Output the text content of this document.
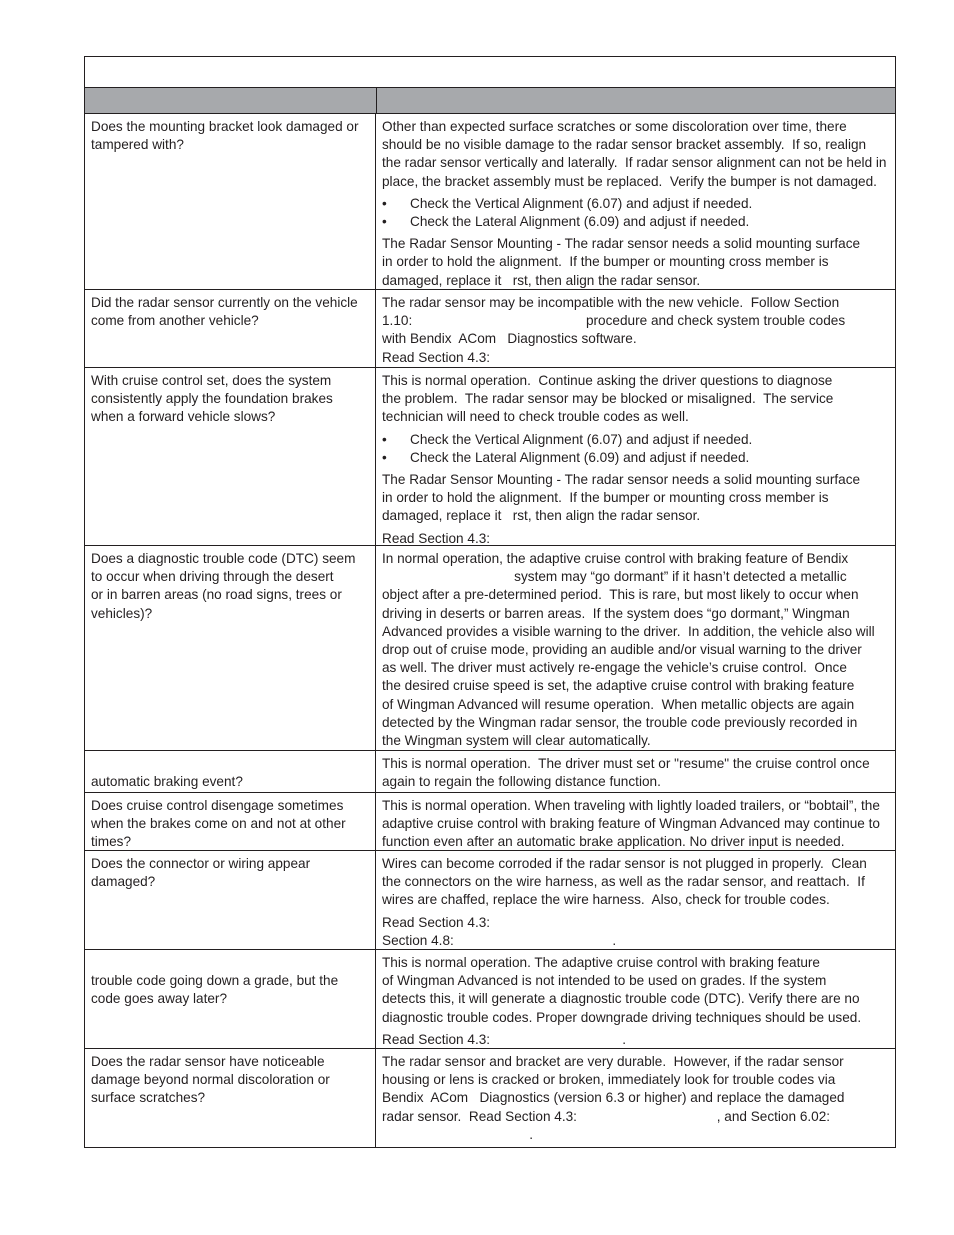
Does the mounting bracket look damaged or

tampered with?

Other than expected surface scratches or some discoloration over time, there

should be no visible damage to the radar sensor bracket assembly.  If so, realign

the radar sensor vertically and laterally.  If radar sensor alignment can not be held in

place, the bracket assembly must be replaced.  Verify the bumper is not damaged.

• Check the Vertical Alignment (6.07) and adjust if needed.

• Check the Lateral Alignment (6.09) and adjust if needed.

The Radar Sensor Mounting - The radar sensor needs a solid mounting surface

in order to hold the alignment.  If the bumper or mounting cross member is

damaged, replace it   rst, then align the radar sensor.

Did the radar sensor currently on the vehicle

come from another vehicle?

The radar sensor may be incompatible with the new vehicle.  Follow Section

1.10:                                              procedure and check system trouble codes

with Bendix  ACom   Diagnostics software.

Read Section 4.3:

With cruise control set, does the system

consistently apply the foundation brakes

when a forward vehicle slows?

This is normal operation.  Continue asking the driver questions to diagnose

the problem.  The radar sensor may be blocked or misaligned.  The service

technician will need to check trouble codes as well.

• Check the Vertical Alignment (6.07) and adjust if needed.

• Check the Lateral Alignment (6.09) and adjust if needed.

The Radar Sensor Mounting - The radar sensor needs a solid mounting surface

in order to hold the alignment.  If the bumper or mounting cross member is

damaged, replace it   rst, then align the radar sensor.

Read Section 4.3:

Does a diagnostic trouble code (DTC) seem

to occur when driving through the desert

or in barren areas (no road signs, trees or

vehicles)?

In normal operation, the adaptive cruise control with braking feature of Bendix

system may “go dormant” if it hasn’t detected a metallic

object after a pre-determined period.  This is rare, but most likely to occur when

driving in deserts or barren areas.  If the system does “go dormant,” Wingman

Advanced provides a visible warning to the driver.  In addition, the vehicle also will

drop out of cruise mode, providing an audible and/or visual warning to the driver

as well. The driver must actively re-engage the vehicle’s cruise control.  Once

the desired cruise speed is set, the adaptive cruise control with braking feature

of Wingman Advanced will resume operation.  When metallic objects are again

detected by the Wingman radar sensor, the trouble code previously recorded in

the Wingman system will clear automatically.

automatic braking event?

This is normal operation.  The driver must set or "resume" the cruise control once

again to regain the following distance function.

Does cruise control disengage sometimes

when the brakes come on and not at other

times?

This is normal operation. When traveling with lightly loaded trailers, or “bobtail”, the

adaptive cruise control with braking feature of Wingman Advanced may continue to

function even after an automatic brake application. No driver input is needed.

Does the connector or wiring appear

damaged?

Wires can become corroded if the radar sensor is not plugged in properly.  Clean

the connectors on the wire harness, as well as the radar sensor, and reattach.  If

wires are chaffed, replace the wire harness.  Also, check for trouble codes.

Read Section 4.3:

Section 4.8:                                          .

trouble code going down a grade, but the

code goes away later?

This is normal operation. The adaptive cruise control with braking feature

of Wingman Advanced is not intended to be used on grades. If the system

detects this, it will generate a diagnostic trouble code (DTC). Verify there are no

diagnostic trouble codes. Proper downgrade driving techniques should be used.

Read Section 4.3:                                   .

Does the radar sensor have noticeable

damage beyond normal discoloration or

surface scratches?

The radar sensor and bracket are very durable.  However, if the radar sensor

housing or lens is cracked or broken, immediately look for trouble codes via

Bendix  ACom   Diagnostics (version 6.3 or higher) and replace the damaged

radar sensor.  Read Section 4.3:                                     , and Section 6.02:

.
